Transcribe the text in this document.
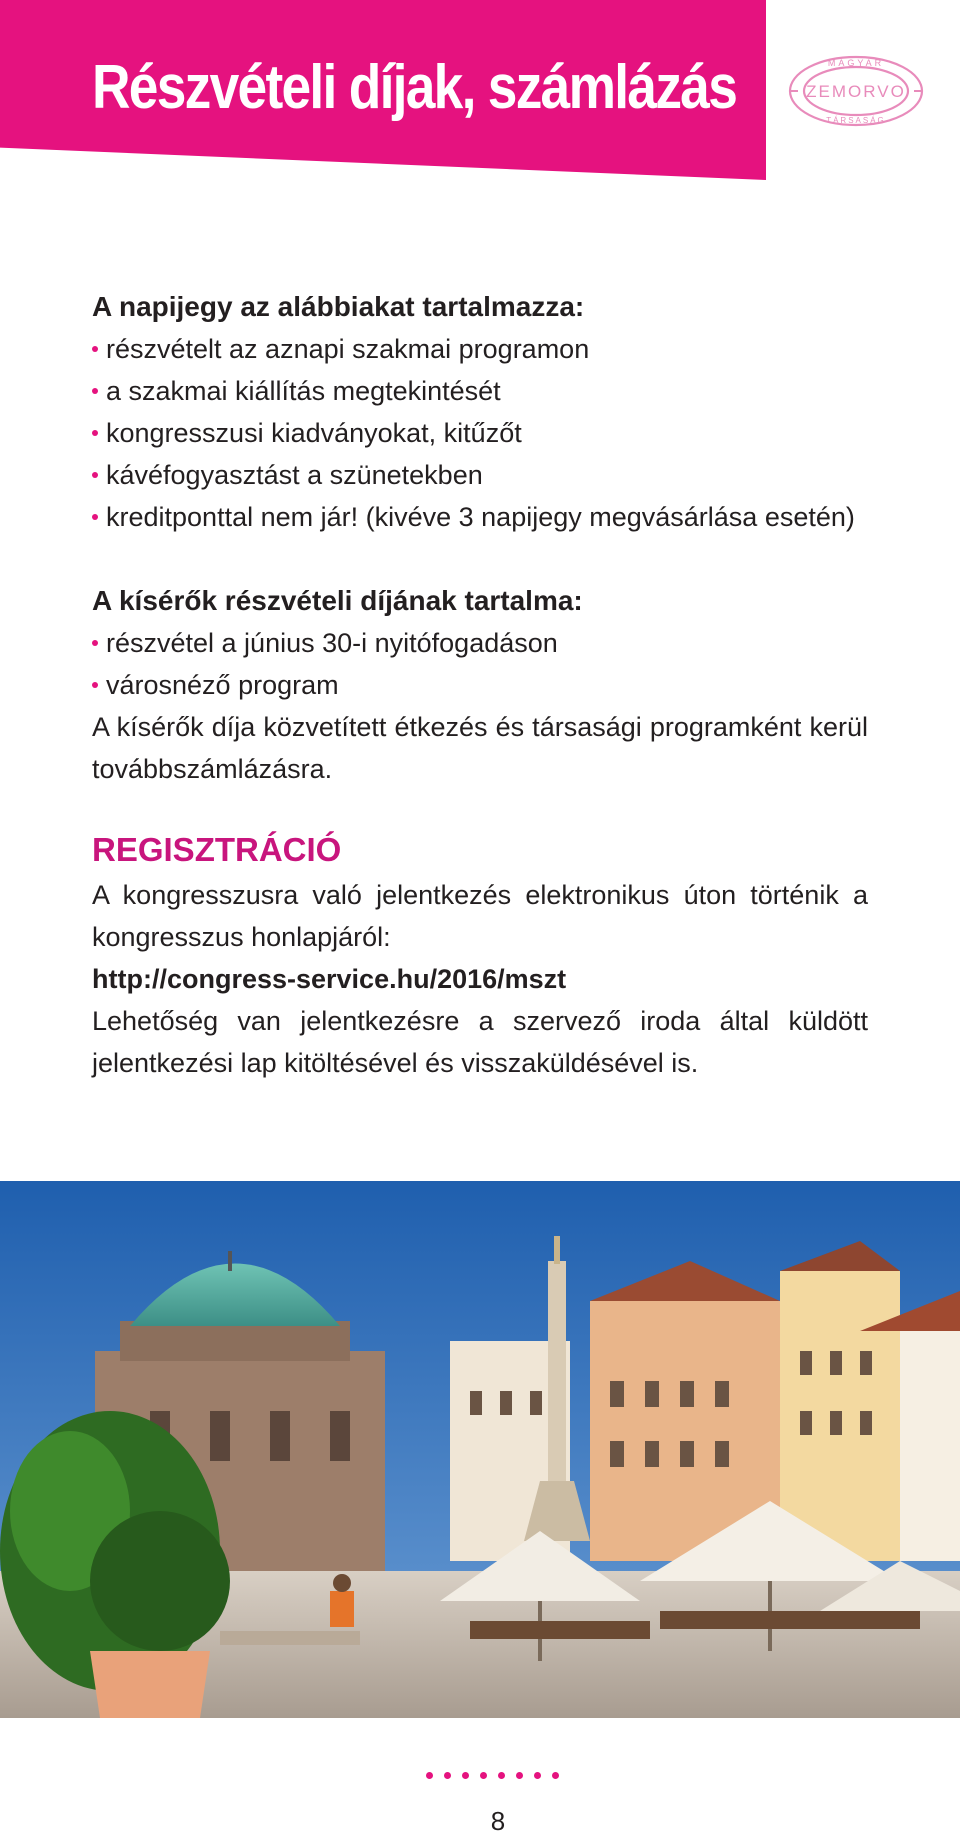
Részvételi díjak, számlázás	MAGYAR
ZEMORVO
TÁRSASÁG
A napijegy az alábbiakat tartalmazza:
részvételt az aznapi szakmai programon
a szakmai kiállítás megtekintését
kongresszusi kiadványokat, kitűzőt
kávéfogyasztást a szünetekben
kreditponttal nem jár! (kivéve 3 napijegy megvásárlása esetén)
A kísérők részvételi díjának tartalma:
részvétel a június 30-i nyitófogadáson
városnéző program

A kísérők díja közvetített étkezés és társasági programként kerül továbbszámlázásra.

REGISZTRÁCIÓ

A kongresszusra való jelentkezés elektronikus úton történik a kongresszus honlapjáról:

http://congress-service.hu/2016/mszt

Lehetőség van jelentkezésre a szervező iroda által küldött jelentkezési lap kitöltésével és visszaküldésével is.

8
